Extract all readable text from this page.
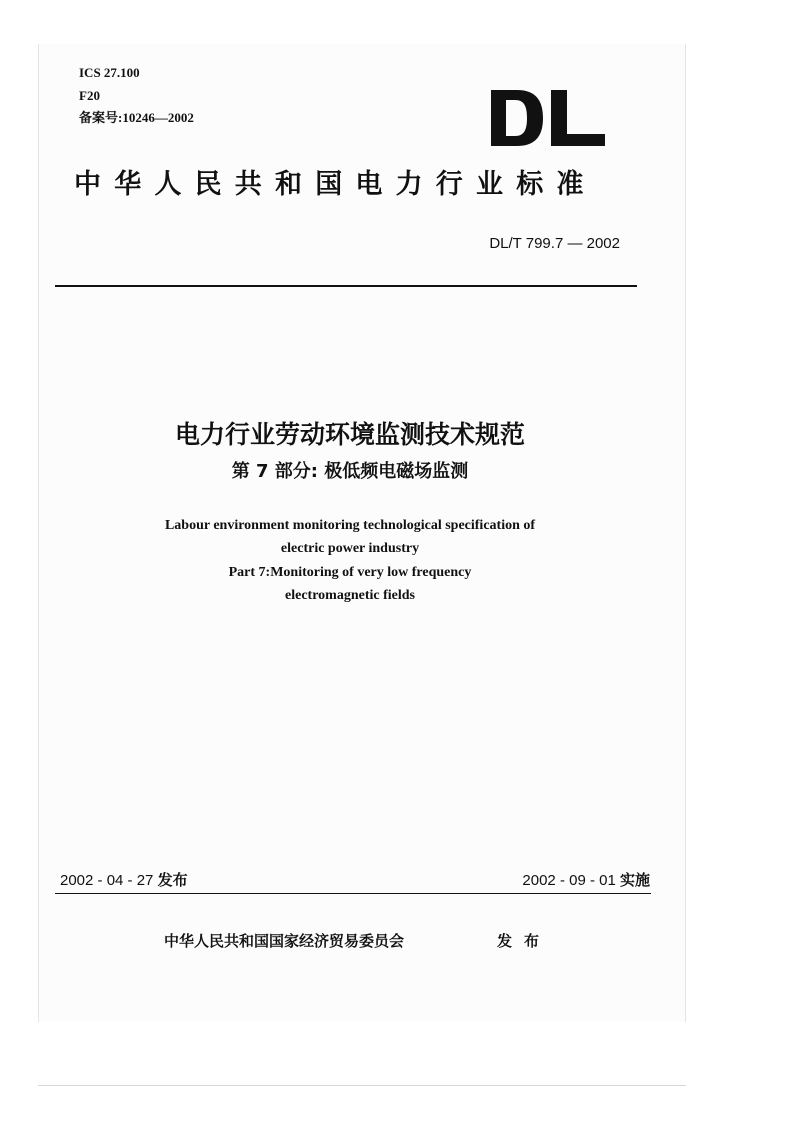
ICS 27.100
F20
备案号:10246—2002
中华人民共和国电力行业标准
DL/T 799.7 — 2002
电力行业劳动环境监测技术规范
第 7 部分: 极低频电磁场监测
Labour environment monitoring technological specification of
electric power industry
Part 7:Monitoring of very low frequency
electromagnetic fields
2002 - 04 - 27 发布	2002 - 09 - 01 实施
中华人民共和国国家经济贸易委员会	发布
